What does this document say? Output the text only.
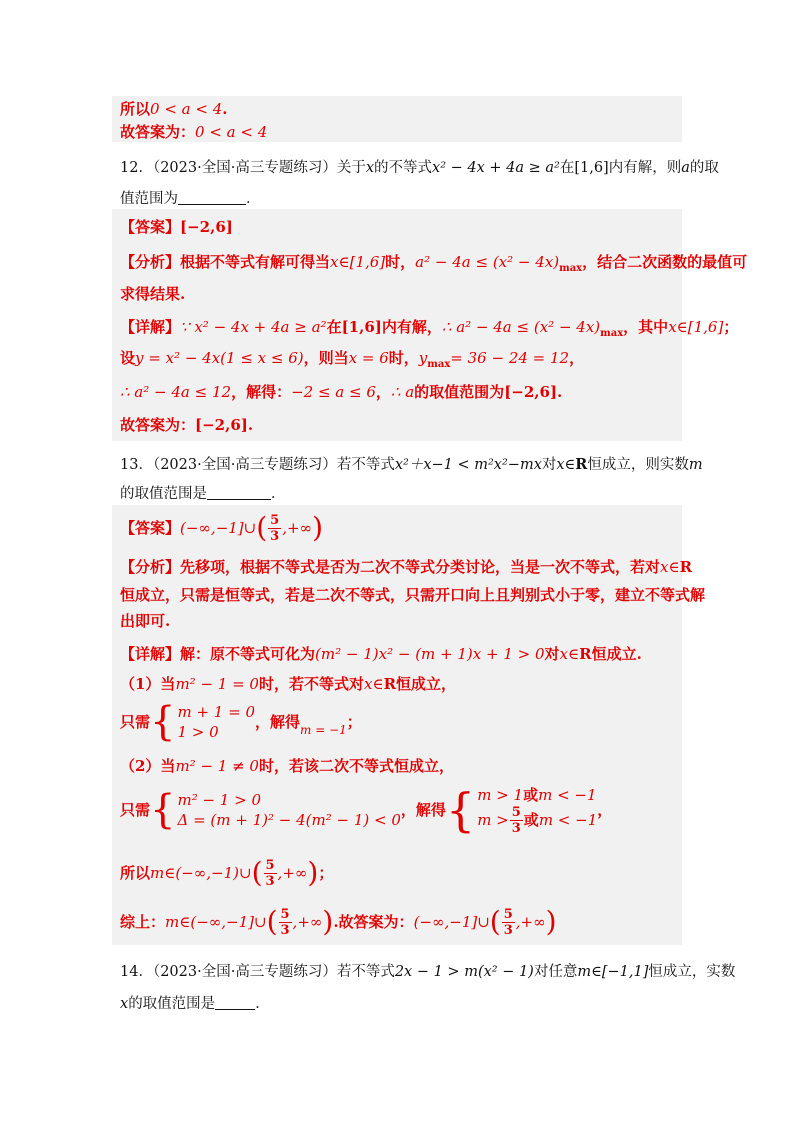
所以0 < a < 4.
故答案为：0 < a < 4
12．（2023·全国·高三专题练习）关于x的不等式x² − 4x + 4a ≥ a²在[1,6]内有解，则a的取
值范围为	．
【答案】[−2,6]
【分析】根据不等式有解可得当x∈[1,6]时，$a^2 - 4a \le (x^2 - 4x)_{max}$，结合二次函数的最值可
求得结果.
【详解】∵ x² − 4x + 4a ≥ a²在[1,6]内有解，∴ $a^2 - 4a \le (x^2 - 4x)_{max}$，其中x∈[1,6]；
设y = x² − 4x(1 ≤ x ≤ 6)，则当x = 6时，$y_{max}= 36 - 24 = 12$，
∴ a² − 4a ≤ 12，解得：−2 ≤ a ≤ 6，∴ a的取值范围为[−2,6].
故答案为：[−2,6].
13．（2023·全国·高三专题练习）若不等式x²＋x−1 < m²x²−mx对x∈R恒成立，则实数m
的取值范围是	．
【答案】 (−∞,−1]∪ ( $\frac{5}{3}$ ,+∞ )
【分析】先移项，根据不等式是否为二次不等式分类讨论，当是一次不等式，若对x∈R
恒成立，只需是恒等式，若是二次不等式，只需开口向上且判别式小于零，建立不等式解
出即可.
【详解】解：原不等式可化为(m² − 1)x² − (m + 1)x + 1 > 0对x∈R恒成立.
（1）当m² − 1 = 0时，若不等式对x∈R恒成立，
只需 { m + 1 = 0
1 > 0
，解得 m = −1 ；
（2）当m² − 1 ≠ 0时，若该二次不等式恒成立，
只需 { m² − 1 > 0
Δ = (m + 1)² − 4(m² − 1) < 0
，解得 { m > 1或m < −1
$m > \frac{5}{3}$ 或 m < −1
，
所以 m∈(−∞,−1)∪ ( $\frac{5}{3}$ ,+∞ ) ；
综上： m∈(−∞,−1]∪ ( $\frac{5}{3}$ ,+∞ ) .故答案为： (−∞,−1]∪ ( $\frac{5}{3}$ ,+∞ )
14．（2023·全国·高三专题练习）若不等式2x − 1 > m(x² − 1)对任意m∈[−1,1]恒成立，实数
x的取值范围是	．
